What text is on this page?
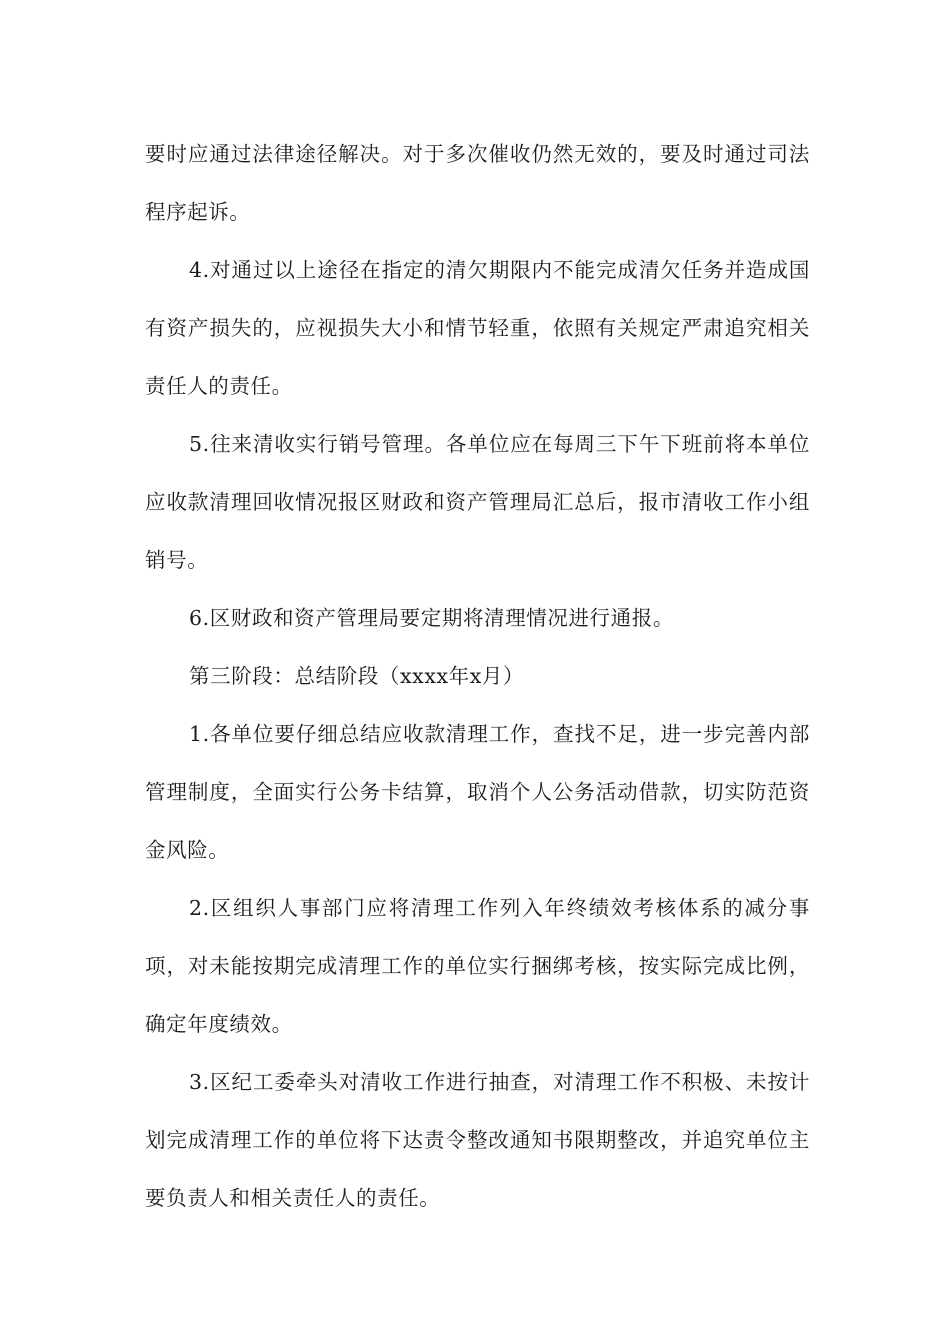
要时应通过法律途径解决。对于多次催收仍然无效的，要及时通过司法程序起诉。

4.对通过以上途径在指定的清欠期限内不能完成清欠任务并造成国有资产损失的，应视损失大小和情节轻重，依照有关规定严肃追究相关责任人的责任。

5.往来清收实行销号管理。各单位应在每周三下午下班前将本单位应收款清理回收情况报区财政和资产管理局汇总后，报市清收工作小组销号。

6.区财政和资产管理局要定期将清理情况进行通报。

第三阶段：总结阶段（xxxx年x月）

1.各单位要仔细总结应收款清理工作，查找不足，进一步完善内部管理制度，全面实行公务卡结算，取消个人公务活动借款，切实防范资金风险。

2.区组织人事部门应将清理工作列入年终绩效考核体系的减分事项，对未能按期完成清理工作的单位实行捆绑考核，按实际完成比例，确定年度绩效。

3.区纪工委牵头对清收工作进行抽查，对清理工作不积极、未按计划完成清理工作的单位将下达责令整改通知书限期整改，并追究单位主要负责人和相关责任人的责任。
